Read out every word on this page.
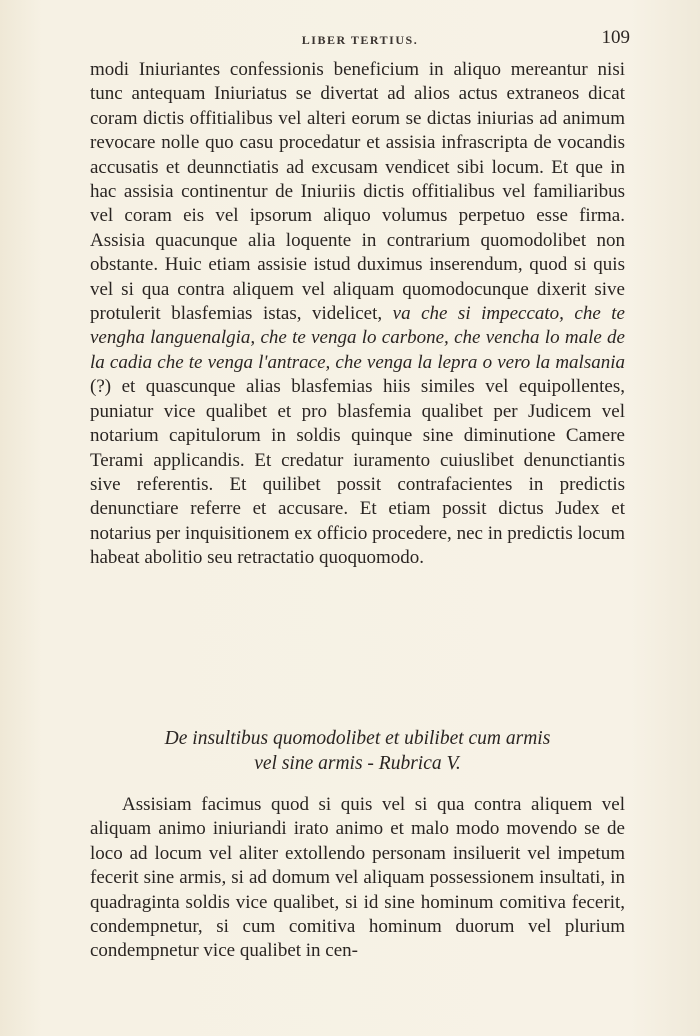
LIBER TERTIUS.	109

modi Iniuriantes confessionis beneficium in aliquo mereantur nisi tunc antequam Iniuriatus se divertat ad alios actus extraneos dicat coram dictis offitialibus vel alteri eorum se dictas iniurias ad animum revocare nolle quo casu procedatur et assisia infrascripta de vocandis accusatis et deunnctiatis ad excusam vendicet sibi locum. Et que in hac assisia continentur de Iniuriis dictis offitialibus vel familiaribus vel coram eis vel ipsorum aliquo volumus perpetuo esse firma. Assisia quacunque alia loquente in contrarium quomodolibet non obstante. Huic etiam assisie istud duximus inserendum, quod si quis vel si qua contra aliquem vel aliquam quomodocunque dixerit sive protulerit blasfemias istas, videlicet, va che si impeccato, che te vengha languenalgia, che te venga lo carbone, che vencha lo male de la cadia che te venga l'antrace, che venga la lepra o vero la malsania (?) et quascunque alias blasfemias hiis similes vel equipollentes, puniatur vice qualibet et pro blasfemia qualibet per Judicem vel notarium capitulorum in soldis quinque sine diminutione Camere Terami applicandis. Et credatur iuramento cuiuslibet denunctiantis sive referentis. Et quilibet possit contrafacientes in predictis denunctiare referre et accusare. Et etiam possit dictus Judex et notarius per inquisitionem ex officio procedere, nec in predictis locum habeat abolitio seu retractatio quoquomodo.

De insultibus quomodolibet et ubilibet cum armis
vel sine armis - Rubrica V.

Assisiam facimus quod si quis vel si qua contra aliquem vel aliquam animo iniuriandi irato animo et malo modo movendo se de loco ad locum vel aliter extollendo personam insiluerit vel impetum fecerit sine armis, si ad domum vel aliquam possessionem insultati, in quadraginta soldis vice qualibet, si id sine hominum comitiva fecerit, condempnetur, si cum comitiva hominum duorum vel plurium condempnetur vice qualibet in cen-
